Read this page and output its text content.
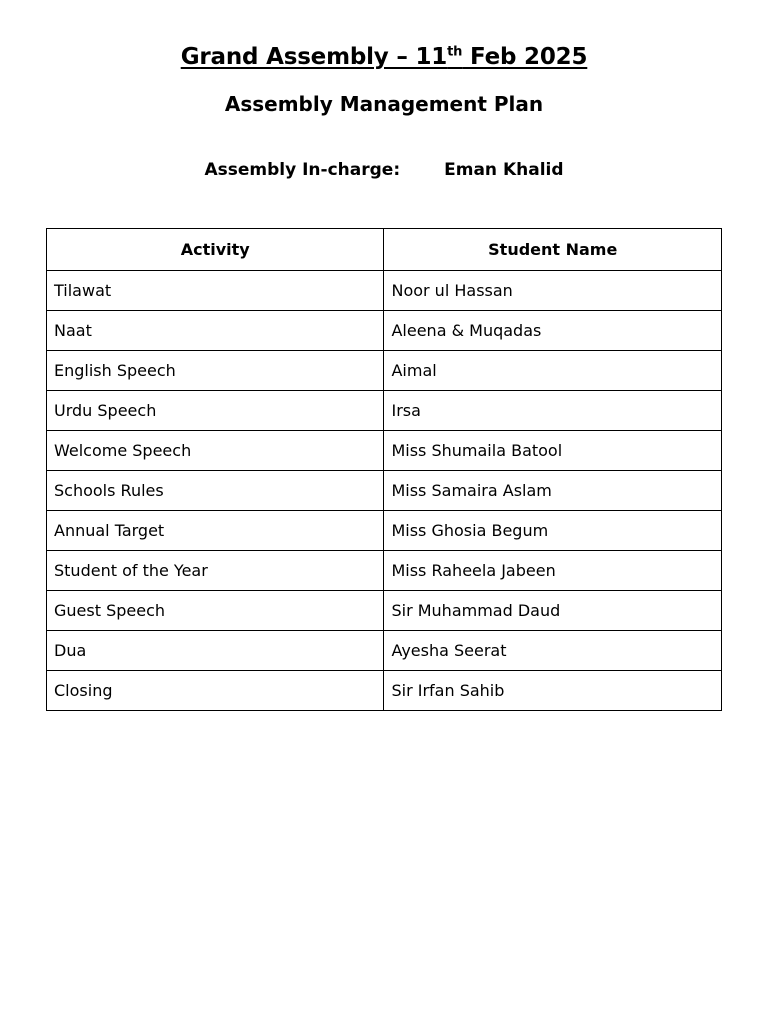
Grand Assembly – 11th Feb 2025
Assembly Management Plan
Assembly In-charge:	Eman Khalid
Activity	Student Name
Tilawat	Noor ul Hassan
Naat	Aleena & Muqadas
English Speech	Aimal
Urdu Speech	Irsa
Welcome Speech	Miss Shumaila Batool
Schools Rules	Miss Samaira Aslam
Annual Target	Miss Ghosia Begum
Student of the Year	Miss Raheela Jabeen
Guest Speech	Sir Muhammad Daud
Dua	Ayesha Seerat
Closing	Sir Irfan Sahib
